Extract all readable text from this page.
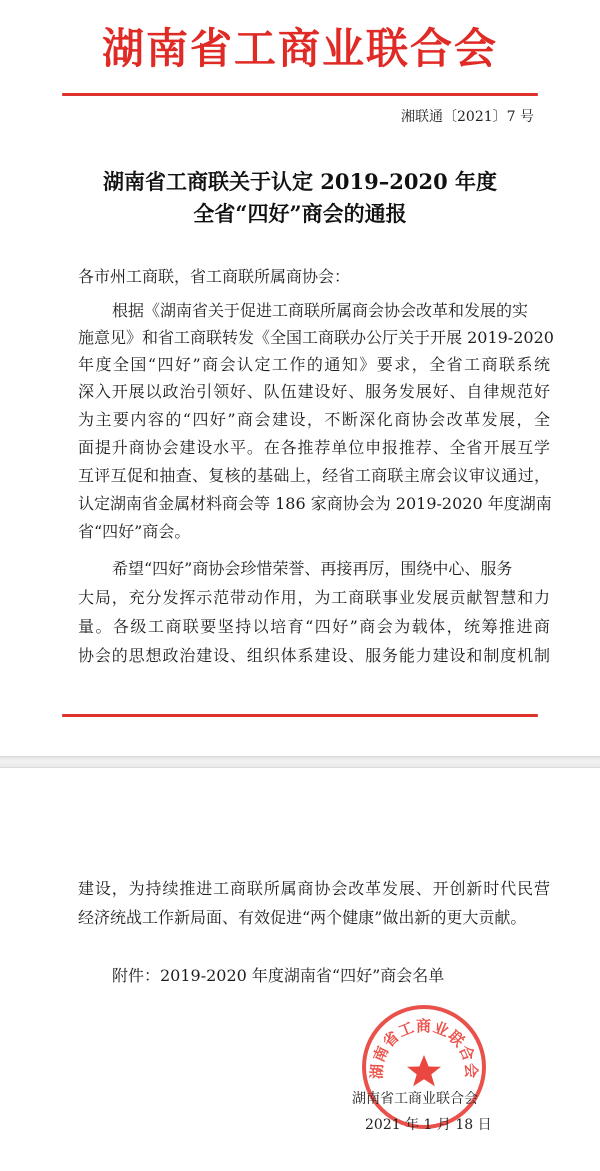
湖南省工商业联合会
湘联通〔2021〕7 号
湖南省工商联关于认定 2019–2020 年度
全省“四好”商会的通报
各市州工商联，省工商联所属商协会：
根据《湖南省关于促进工商联所属商会协会改革和发展的实
施意见》和省工商联转发《全国工商联办公厅关于开展 2019-2020
年度全国“四好”商会认定工作的通知》要求，全省工商联系统
深入开展以政治引领好、队伍建设好、服务发展好、自律规范好
为主要内容的“四好”商会建设，不断深化商协会改革发展，全
面提升商协会建设水平。在各推荐单位申报推荐、全省开展互学
互评互促和抽查、复核的基础上，经省工商联主席会议审议通过，
认定湖南省金属材料商会等 186 家商协会为 2019-2020 年度湖南
省“四好”商会。
希望“四好”商协会珍惜荣誉、再接再厉，围绕中心、服务
大局，充分发挥示范带动作用，为工商联事业发展贡献智慧和力
量。各级工商联要坚持以培育“四好”商会为载体，统筹推进商
协会的思想政治建设、组织体系建设、服务能力建设和制度机制
建设，为持续推进工商联所属商协会改革发展、开创新时代民营
经济统战工作新局面、有效促进“两个健康”做出新的更大贡献。
附件：2019-2020 年度湖南省“四好”商会名单
湖南省工商业联合会
湖南省工商业联合会
2021 年 1 月 18 日
